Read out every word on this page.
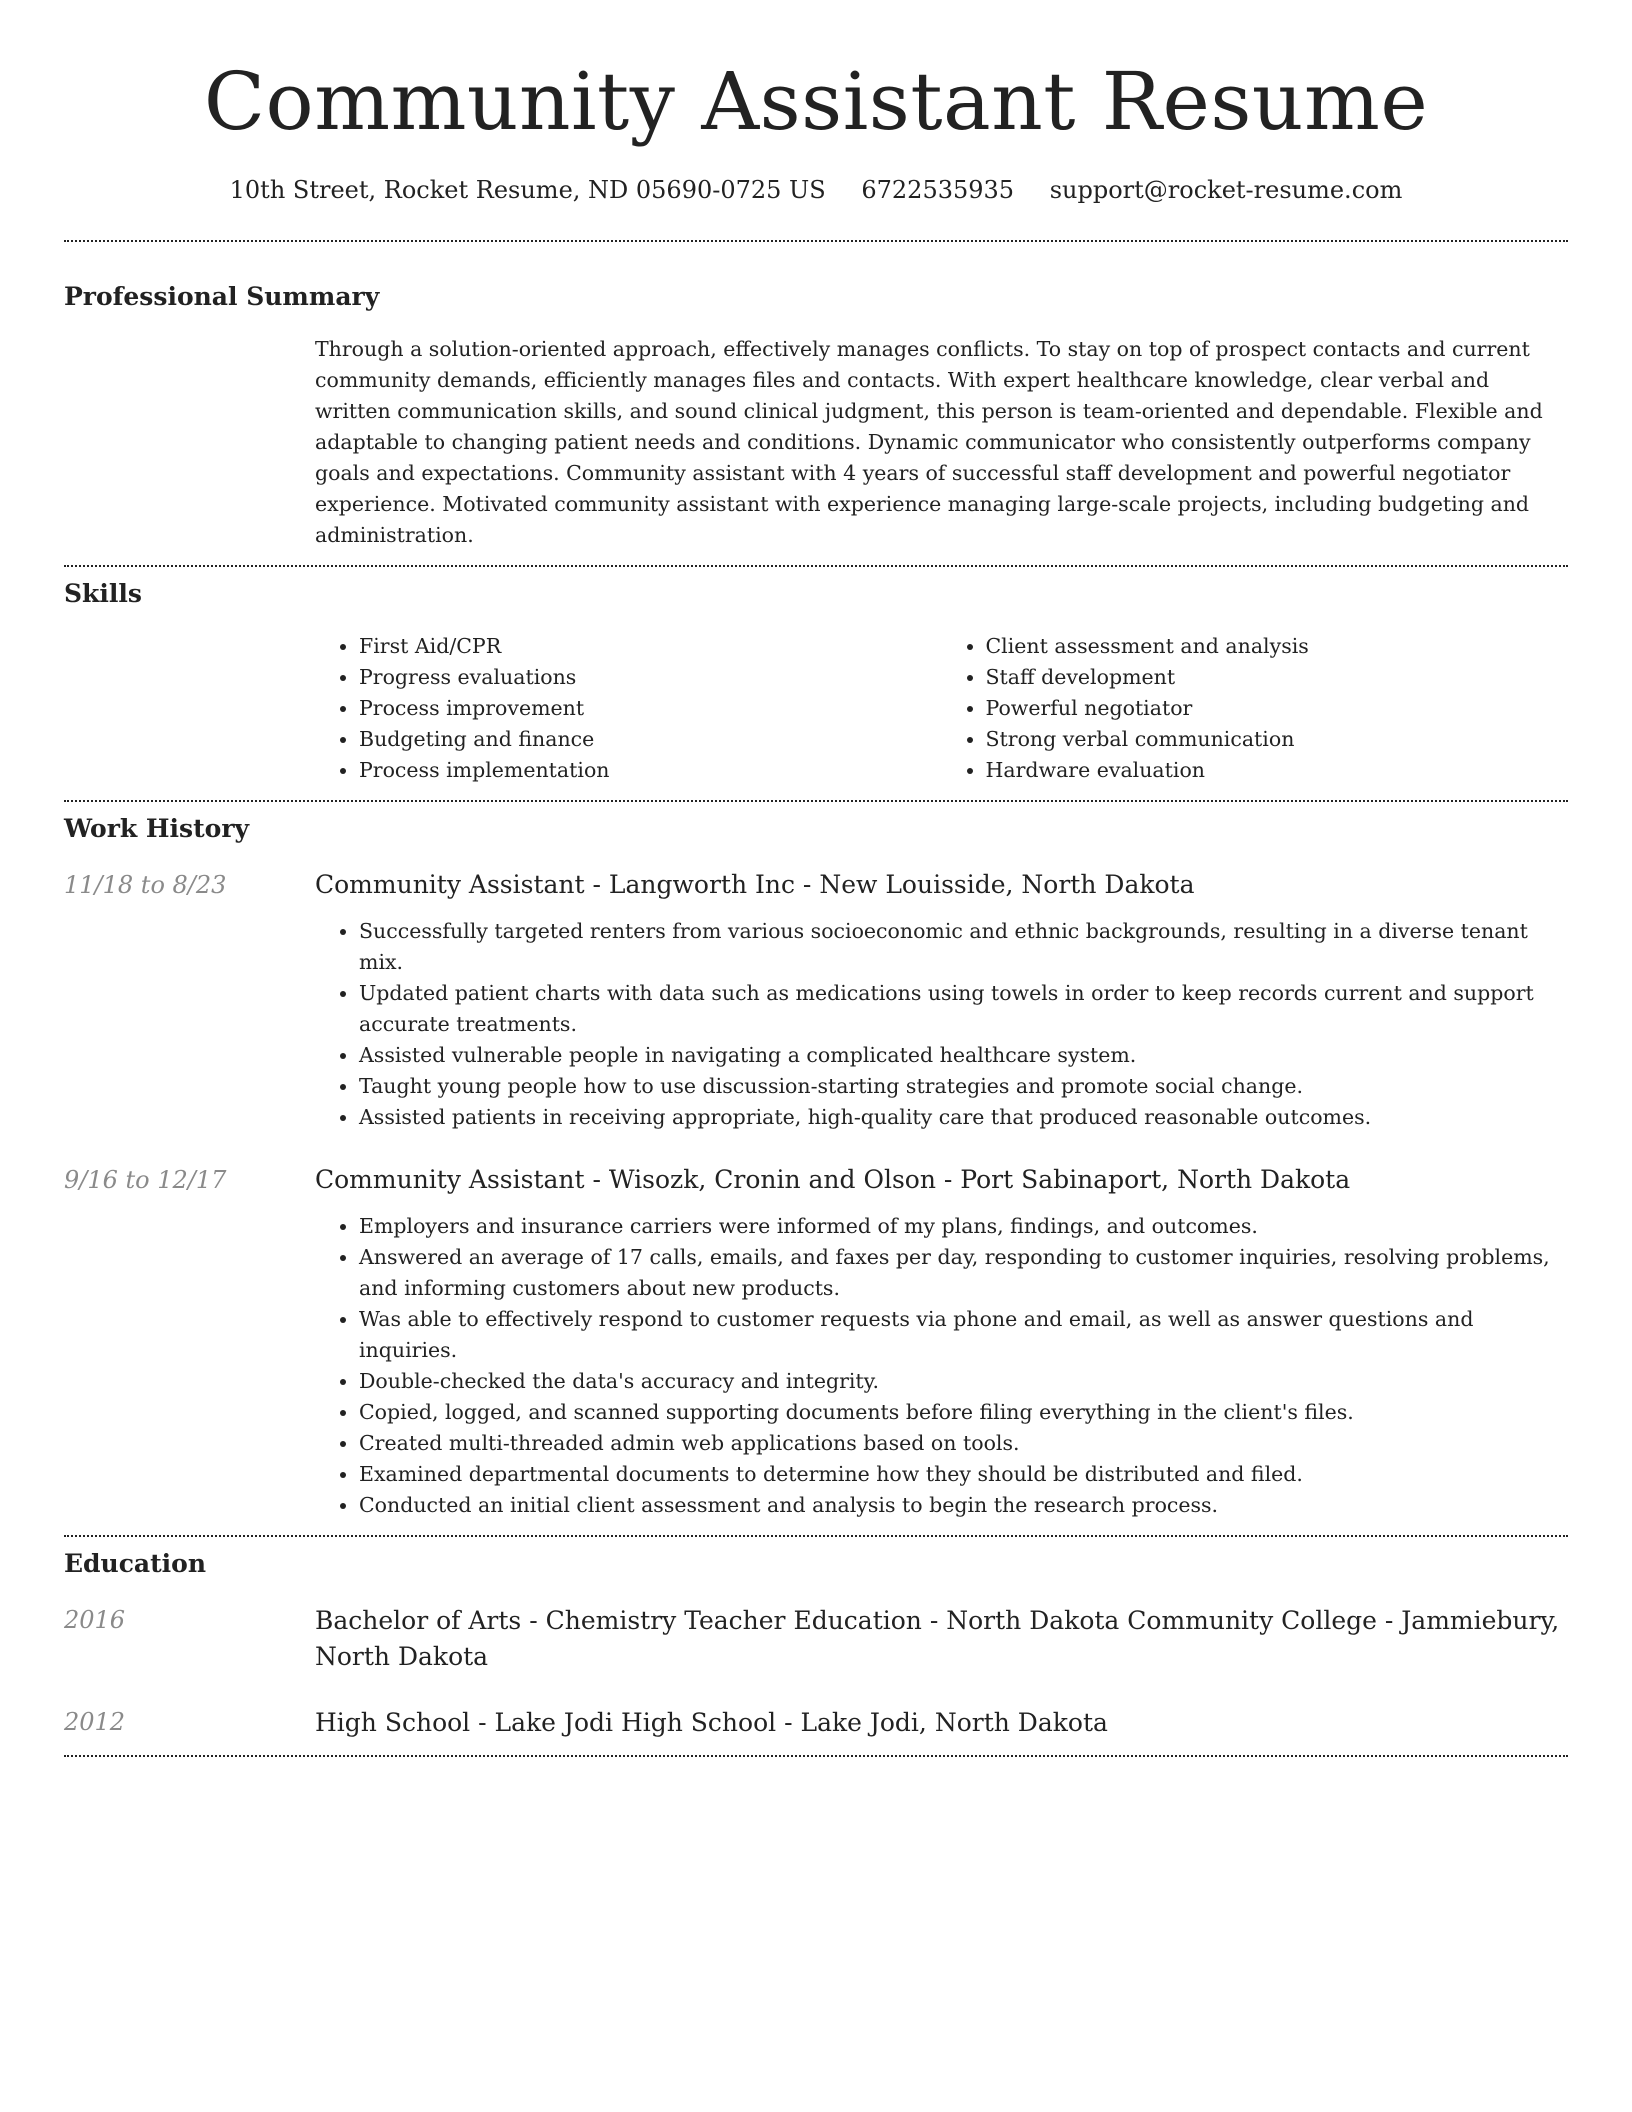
Community Assistant Resume
10th Street, Rocket Resume, ND 05690-0725 US 6722535935 support@rocket-resume.com
Professional Summary

Through a solution-oriented approach, effectively manages conflicts. To stay on top of prospect contacts and current community demands, efficiently manages files and contacts. With expert healthcare knowledge, clear verbal and written communication skills, and sound clinical judgment, this person is team-oriented and dependable. Flexible and adaptable to changing patient needs and conditions. Dynamic communicator who consistently outperforms company goals and expectations. Community assistant with 4 years of successful staff development and powerful negotiator experience. Motivated community assistant with experience managing large-scale projects, including budgeting and administration.

Skills
• First Aid/CPR
• Progress evaluations
• Process improvement
• Budgeting and finance
• Process implementation
• Client assessment and analysis
• Staff development
• Powerful negotiator
• Strong verbal communication
• Hardware evaluation
Work History
11/18 to 8/23	Community Assistant - Langworth Inc - New Louisside, North Dakota

• Successfully targeted renters from various socioeconomic and ethnic backgrounds, resulting in a diverse tenant mix.
• Updated patient charts with data such as medications using towels in order to keep records current and support accurate treatments.
• Assisted vulnerable people in navigating a complicated healthcare system.
• Taught young people how to use discussion-starting strategies and promote social change.
• Assisted patients in receiving appropriate, high-quality care that produced reasonable outcomes.
9/16 to 12/17	Community Assistant - Wisozk, Cronin and Olson - Port Sabinaport, North Dakota

• Employers and insurance carriers were informed of my plans, findings, and outcomes.
• Answered an average of 17 calls, emails, and faxes per day, responding to customer inquiries, resolving problems, and informing customers about new products.
• Was able to effectively respond to customer requests via phone and email, as well as answer questions and inquiries.
• Double-checked the data's accuracy and integrity.
• Copied, logged, and scanned supporting documents before filing everything in the client's files.
• Created multi-threaded admin web applications based on tools.
• Examined departmental documents to determine how they should be distributed and filed.
• Conducted an initial client assessment and analysis to begin the research process.
Education
2016	Bachelor of Arts - Chemistry Teacher Education - North Dakota Community College - Jammiebury, North Dakota

2012	High School - Lake Jodi High School - Lake Jodi, North Dakota
